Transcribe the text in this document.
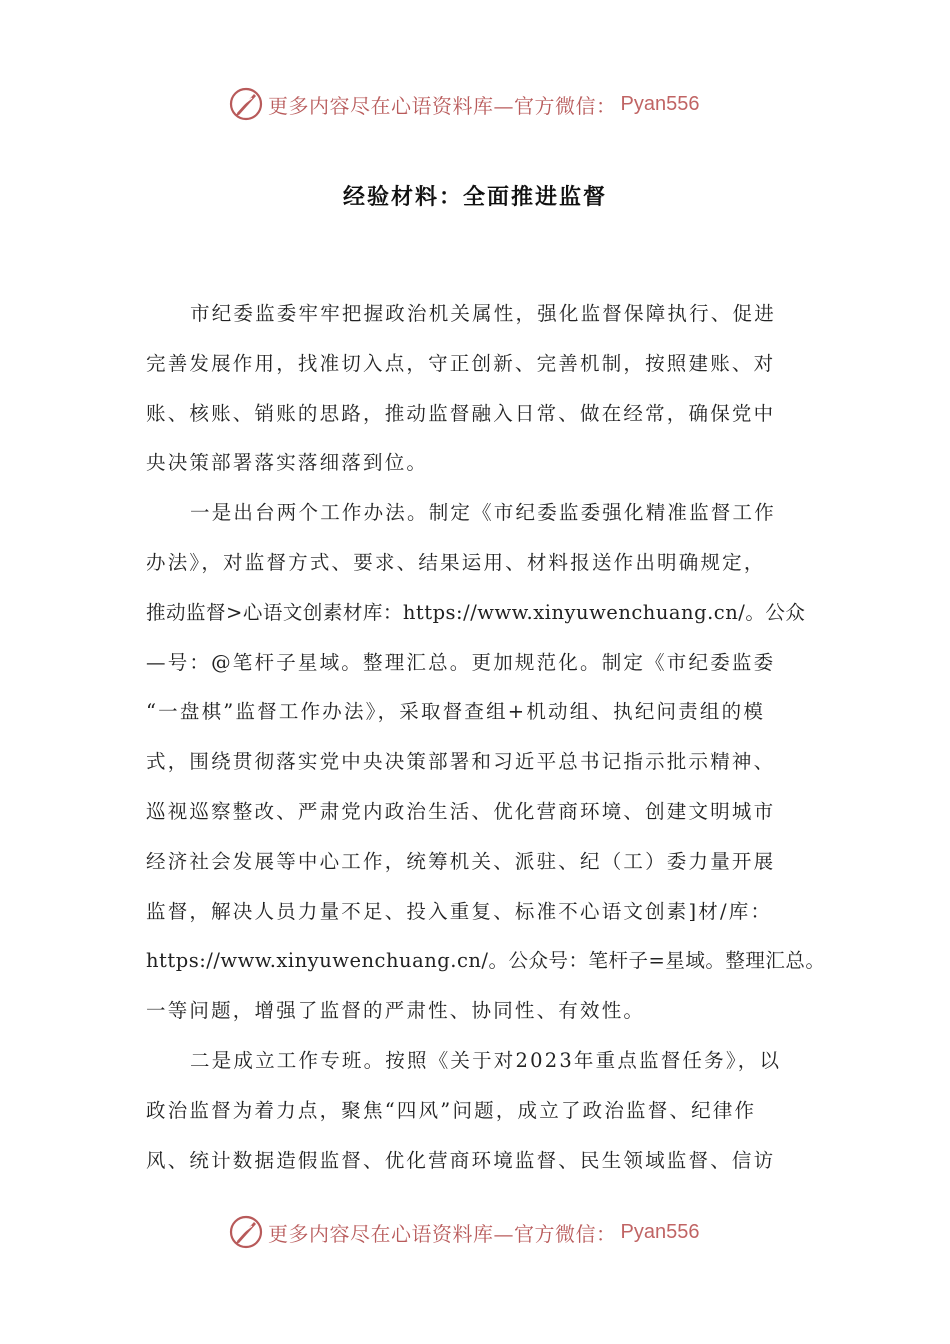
更多内容尽在心语资料库—官方微信： Pyan556
经验材料：全面推进监督
市纪委监委牢牢把握政治机关属性，强化监督保障执行、促进
完善发展作用，找准切入点，守正创新、完善机制，按照建账、对
账、核账、销账的思路，推动监督融入日常、做在经常，确保党中
央决策部署落实落细落到位。
一是出台两个工作办法。制定《市纪委监委强化精准监督工作
办法》，对监督方式、要求、结果运用、材料报送作出明确规定，
推动监督>心语文创素材库：https://www.xinyuwenchuang.cn/。公众
—号：@笔杆子星域。整理汇总。更加规范化。制定《市纪委监委
“一盘棋”监督工作办法》，采取督查组+机动组、执纪问责组的模
式，围绕贯彻落实党中央决策部署和习近平总书记指示批示精神、
巡视巡察整改、严肃党内政治生活、优化营商环境、创建文明城市
经济社会发展等中心工作，统筹机关、派驻、纪（工）委力量开展
监督，解决人员力量不足、投入重复、标准不心语文创素]材/库：
https://www.xinyuwenchuang.cn/。公众号：笔杆子=星域。整理汇总。
一等问题，增强了监督的严肃性、协同性、有效性。
二是成立工作专班。按照《关于对2023年重点监督任务》，以
政治监督为着力点，聚焦“四风”问题，成立了政治监督、纪律作
风、统计数据造假监督、优化营商环境监督、民生领域监督、信访
更多内容尽在心语资料库—官方微信： Pyan556
